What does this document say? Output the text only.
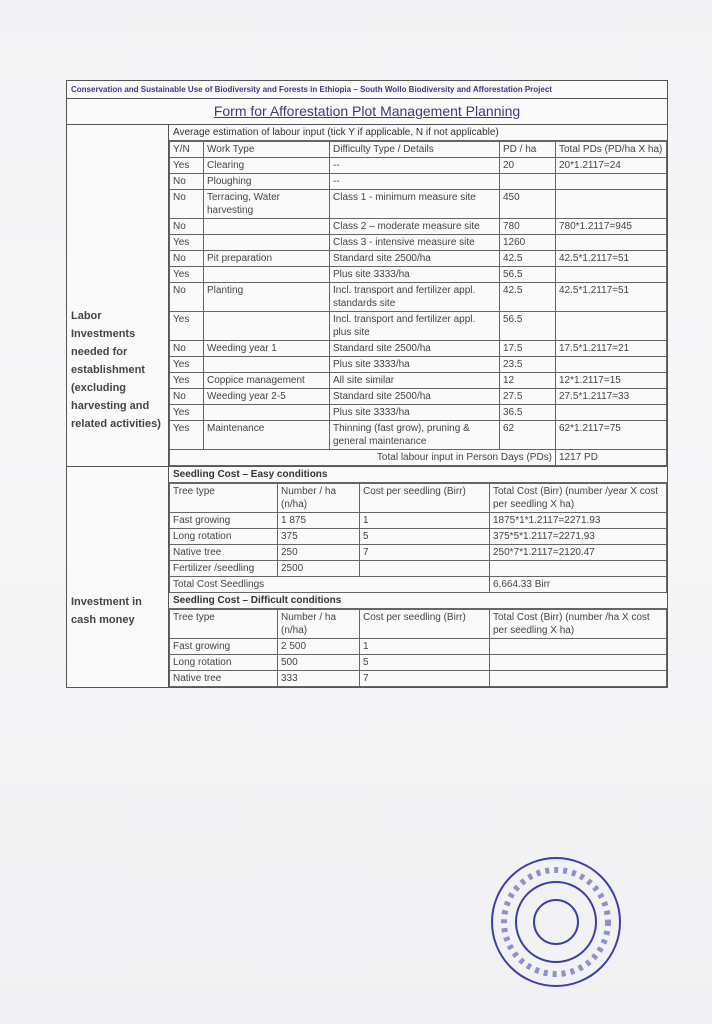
Conservation and Sustainable Use of Biodiversity and Forests in Ethiopia – South Wollo Biodiversity and Afforestation Project
Form for Afforestation Plot Management Planning
Labor Investments needed for establishment (excluding harvesting and related activities)
Average estimation of labour input (tick Y if applicable, N if not applicable)
Y/N	Work Type	Difficulty Type / Details	PD / ha	Total PDs (PD/ha X ha)
Yes	Clearing	--	20	20*1.2117=24
No	Ploughing	--		
No	Terracing, Water harvesting	Class 1 - minimum measure site	450	
No		Class 2 – moderate measure site	780	780*1.2117=945
Yes		Class 3 - intensive measure site	1260	
No	Pit preparation	Standard site 2500/ha	42.5	42.5*1.2117=51
Yes		Plus site 3333/ha	56.5	
No	Planting	Incl. transport and fertilizer appl. standards site	42.5	42.5*1.2117=51
Yes		Incl. transport and fertilizer appl. plus site	56.5	
No	Weeding year 1	Standard site 2500/ha	17.5	17.5*1.2117=21
Yes		Plus site 3333/ha	23.5	
Yes	Coppice management	All site similar	12	12*1.2117=15
No	Weeding year 2-5	Standard site 2500/ha	27.5	27.5*1.2117=33
Yes		Plus site 3333/ha	36.5	
Yes	Maintenance	Thinning (fast grow), pruning & general maintenance	62	62*1.2117=75
Total labour input in Person Days (PDs)				1217 PD
Investment in cash money
Seedling Cost – Easy conditions
Tree type	Number / ha (n/ha)	Cost per seedling (Birr)	Total Cost (Birr) (number /year X cost per seedling X ha)
Fast growing	1 875	1	1875*1*1.2117=2271.93
Long rotation	375	5	375*5*1.2117=2271.93
Native tree	250	7	250*7*1.2117=2120.47
Fertilizer /seedling	2500		
Total Cost Seedlings			6,664.33 Birr
Seedling Cost – Difficult conditions
Tree type	Number / ha (n/ha)	Cost per seedling (Birr)	Total Cost (Birr) (number /ha X cost per seedling X ha)
Fast growing	2 500	1	
Long rotation	500	5	
Native tree	333	7	
